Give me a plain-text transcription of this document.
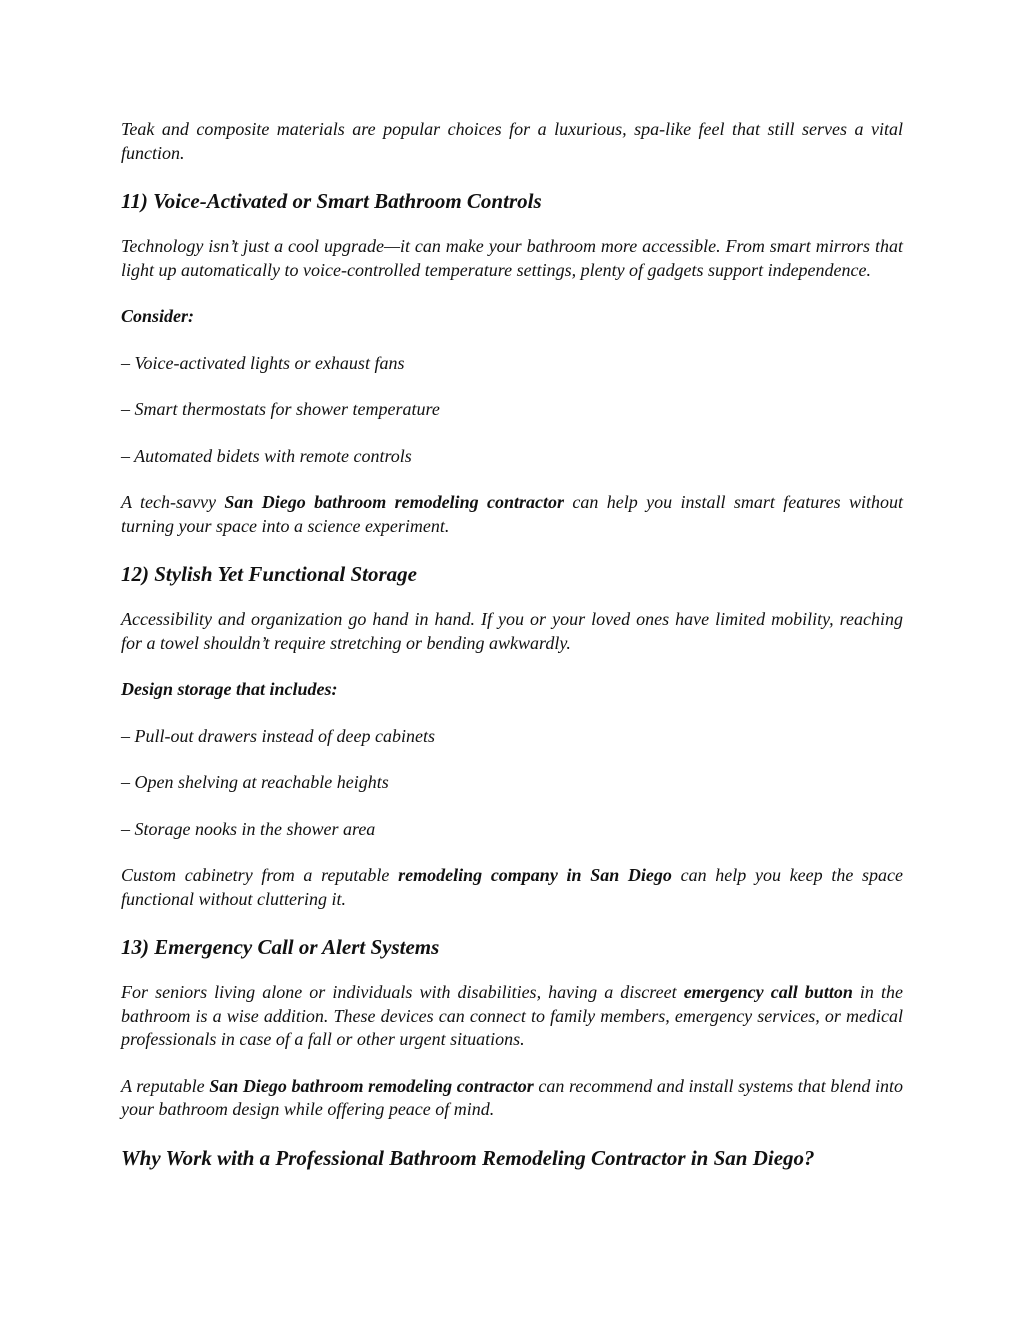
Teak and composite materials are popular choices for a luxurious, spa-like feel that still serves a vital function.

11) Voice-Activated or Smart Bathroom Controls

Technology isn’t just a cool upgrade—it can make your bathroom more accessible. From smart mirrors that light up automatically to voice-controlled temperature settings, plenty of gadgets support independence.

Consider:

– Voice-activated lights or exhaust fans

– Smart thermostats for shower temperature

– Automated bidets with remote controls

A tech-savvy San Diego bathroom remodeling contractor can help you install smart features without turning your space into a science experiment.

12) Stylish Yet Functional Storage

Accessibility and organization go hand in hand. If you or your loved ones have limited mobility, reaching for a towel shouldn’t require stretching or bending awkwardly.

Design storage that includes:

– Pull-out drawers instead of deep cabinets

– Open shelving at reachable heights

– Storage nooks in the shower area

Custom cabinetry from a reputable remodeling company in San Diego can help you keep the space functional without cluttering it.

13) Emergency Call or Alert Systems

For seniors living alone or individuals with disabilities, having a discreet emergency call button in the bathroom is a wise addition. These devices can connect to family members, emergency services, or medical professionals in case of a fall or other urgent situations.

A reputable San Diego bathroom remodeling contractor can recommend and install systems that blend into your bathroom design while offering peace of mind.

Why Work with a Professional Bathroom Remodeling Contractor in San Diego?
